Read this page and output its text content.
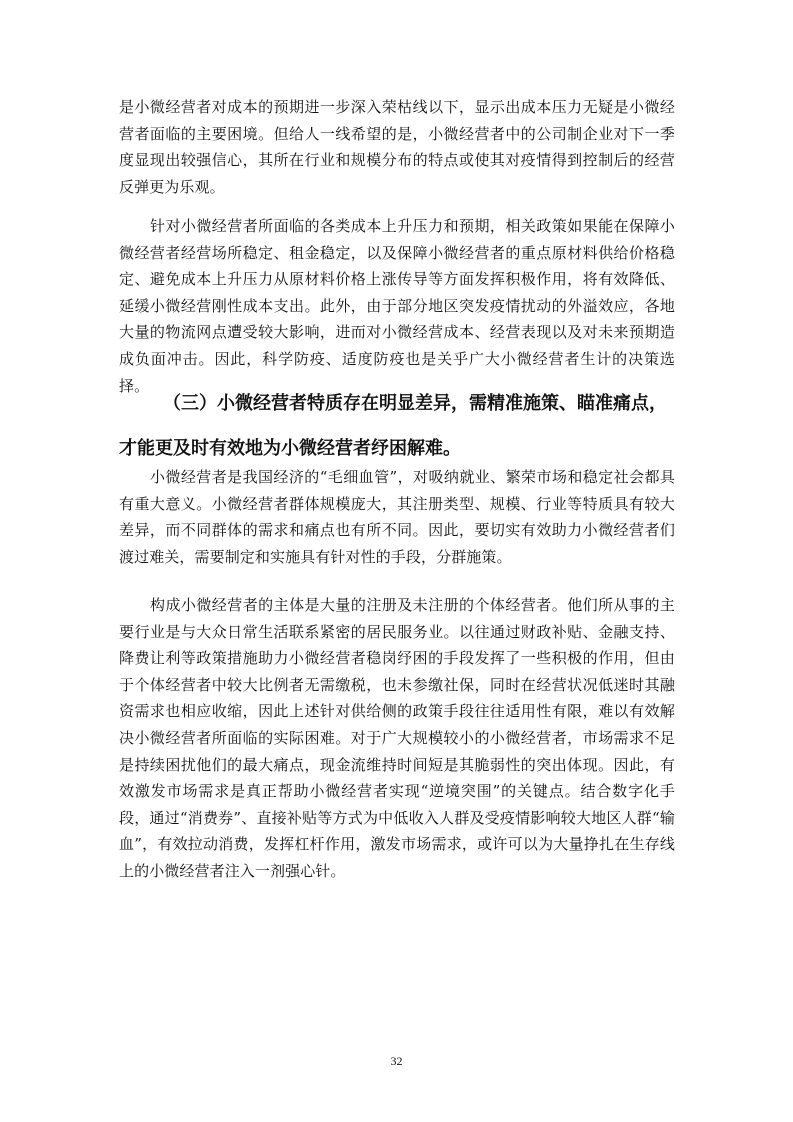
是小微经营者对成本的预期进一步深入荣枯线以下，显示出成本压力无疑是小微经营者面临的主要困境。但给人一线希望的是，小微经营者中的公司制企业对下一季度显现出较强信心，其所在行业和规模分布的特点或使其对疫情得到控制后的经营反弹更为乐观。

针对小微经营者所面临的各类成本上升压力和预期，相关政策如果能在保障小微经营者经营场所稳定、租金稳定，以及保障小微经营者的重点原材料供给价格稳定、避免成本上升压力从原材料价格上涨传导等方面发挥积极作用，将有效降低、延缓小微经营刚性成本支出。此外，由于部分地区突发疫情扰动的外溢效应，各地大量的物流网点遭受较大影响，进而对小微经营成本、经营表现以及对未来预期造成负面冲击。因此，科学防疫、适度防疫也是关乎广大小微经营者生计的决策选择。

（三）小微经营者特质存在明显差异，需精准施策、瞄准痛点，
才能更及时有效地为小微经营者纾困解难。

小微经营者是我国经济的“毛细血管”，对吸纳就业、繁荣市场和稳定社会都具有重大意义。小微经营者群体规模庞大，其注册类型、规模、行业等特质具有较大差异，而不同群体的需求和痛点也有所不同。因此，要切实有效助力小微经营者们渡过难关，需要制定和实施具有针对性的手段，分群施策。

构成小微经营者的主体是大量的注册及未注册的个体经营者。他们所从事的主要行业是与大众日常生活联系紧密的居民服务业。以往通过财政补贴、金融支持、降费让利等政策措施助力小微经营者稳岗纾困的手段发挥了一些积极的作用，但由于个体经营者中较大比例者无需缴税，也未参缴社保，同时在经营状况低迷时其融资需求也相应收缩，因此上述针对供给侧的政策手段往往适用性有限，难以有效解决小微经营者所面临的实际困难。对于广大规模较小的小微经营者，市场需求不足是持续困扰他们的最大痛点，现金流维持时间短是其脆弱性的突出体现。因此，有效激发市场需求是真正帮助小微经营者实现“逆境突围”的关键点。结合数字化手段，通过“消费券”、直接补贴等方式为中低收入人群及受疫情影响较大地区人群“输血”，有效拉动消费，发挥杠杆作用，激发市场需求，或许可以为大量挣扎在生存线上的小微经营者注入一剂强心针。

32
